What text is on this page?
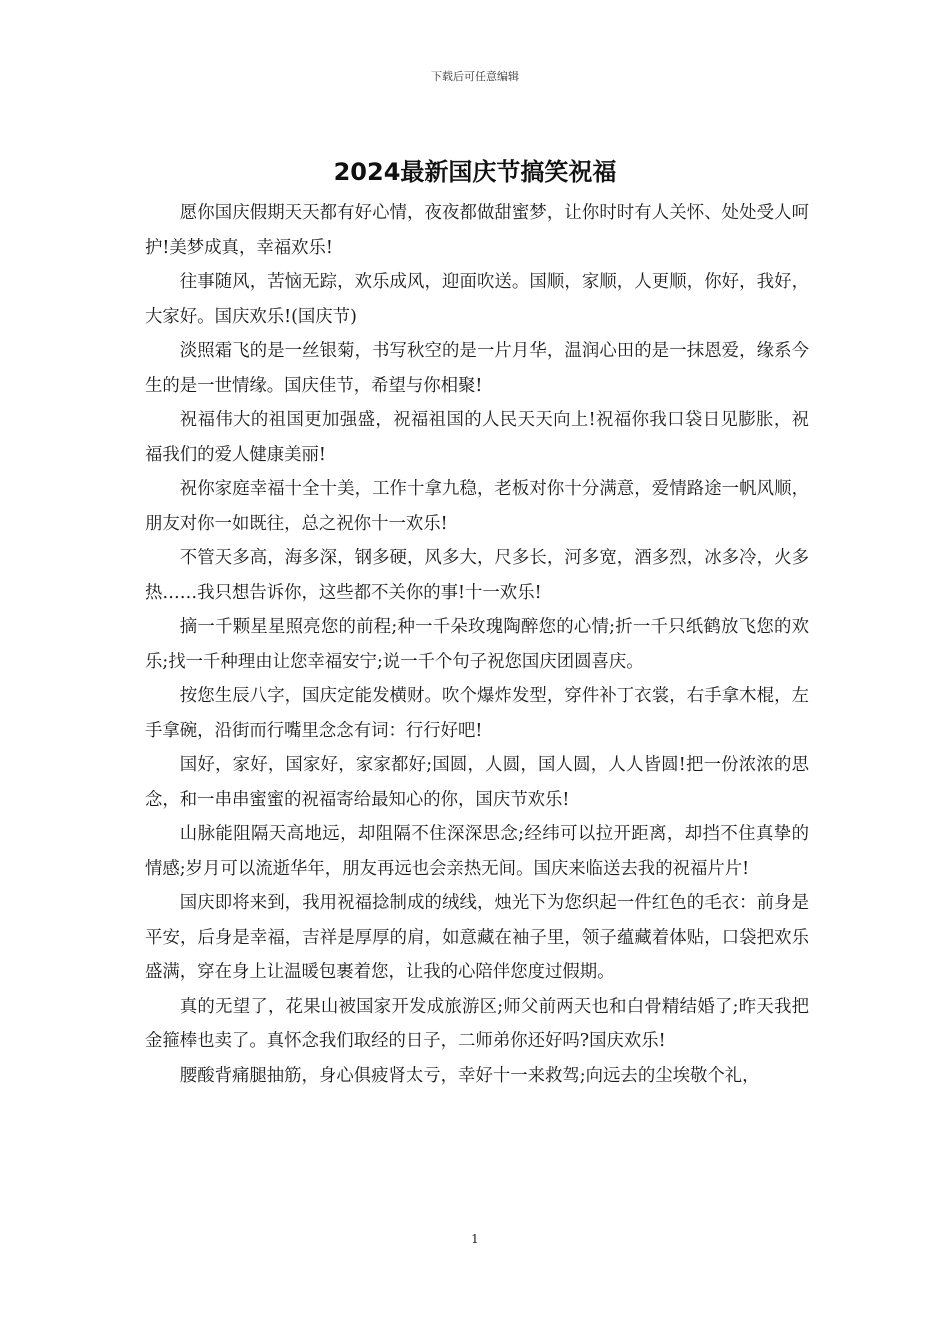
下载后可任意编辑
2024最新国庆节搞笑祝福

愿你国庆假期天天都有好心情，夜夜都做甜蜜梦，让你时时有人关怀、处处受人呵护!美梦成真，幸福欢乐!

往事随风，苦恼无踪，欢乐成风，迎面吹送。国顺，家顺，人更顺，你好，我好，大家好。国庆欢乐!(国庆节)

淡照霜飞的是一丝银菊，书写秋空的是一片月华，温润心田的是一抹恩爱，缘系今生的是一世情缘。国庆佳节，希望与你相聚!

祝福伟大的祖国更加强盛，祝福祖国的人民天天向上!祝福你我口袋日见膨胀，祝福我们的爱人健康美丽!

祝你家庭幸福十全十美，工作十拿九稳，老板对你十分满意，爱情路途一帆风顺，朋友对你一如既往，总之祝你十一欢乐!

不管天多高，海多深，钢多硬，风多大，尺多长，河多宽，酒多烈，冰多冷，火多热……我只想告诉你，这些都不关你的事!十一欢乐!

摘一千颗星星照亮您的前程;种一千朵玫瑰陶醉您的心情;折一千只纸鹤放飞您的欢乐;找一千种理由让您幸福安宁;说一千个句子祝您国庆团圆喜庆。

按您生辰八字，国庆定能发横财。吹个爆炸发型，穿件补丁衣裳，右手拿木棍，左手拿碗，沿街而行嘴里念念有词：行行好吧!

国好，家好，国家好，家家都好;国圆，人圆，国人圆，人人皆圆!把一份浓浓的思念，和一串串蜜蜜的祝福寄给最知心的你，国庆节欢乐!

山脉能阻隔天高地远，却阻隔不住深深思念;经纬可以拉开距离，却挡不住真挚的情感;岁月可以流逝华年，朋友再远也会亲热无间。国庆来临送去我的祝福片片!

国庆即将来到，我用祝福捻制成的绒线，烛光下为您织起一件红色的毛衣：前身是平安，后身是幸福，吉祥是厚厚的肩，如意藏在袖子里，领子蕴藏着体贴，口袋把欢乐盛满，穿在身上让温暖包裹着您，让我的心陪伴您度过假期。

真的无望了，花果山被国家开发成旅游区;师父前两天也和白骨精结婚了;昨天我把金箍棒也卖了。真怀念我们取经的日子，二师弟你还好吗?国庆欢乐!

腰酸背痛腿抽筋，身心俱疲肾太亏，幸好十一来救驾;向远去的尘埃敬个礼，

1
